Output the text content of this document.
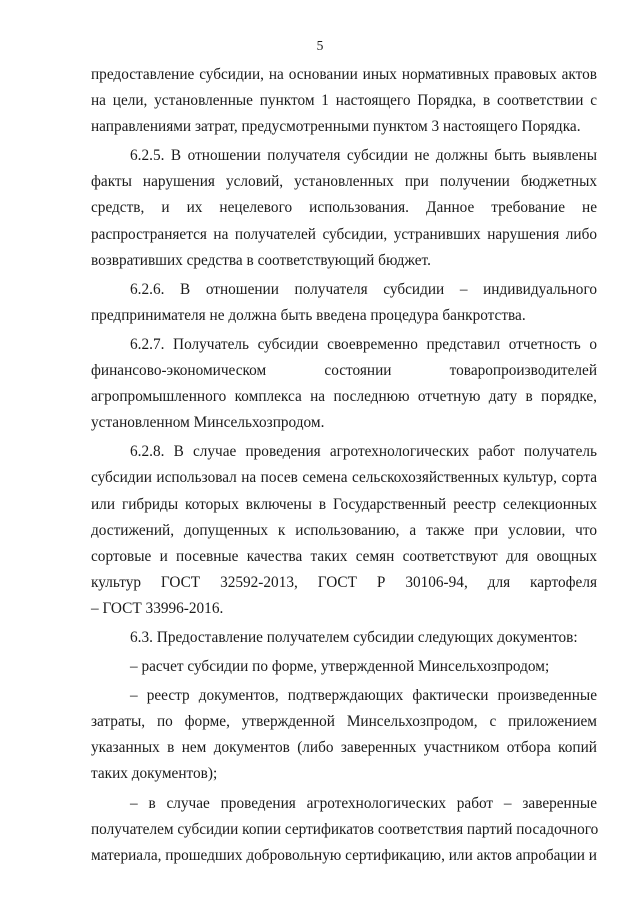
5
предоставление субсидии, на основании иных нормативных правовых актов
на цели, установленные пунктом 1 настоящего Порядка, в соответствии с
направлениями затрат, предусмотренными пунктом 3 настоящего Порядка.
6.2.5. В отношении получателя субсидии не должны быть выявлены
факты нарушения условий, установленных при получении бюджетных
средств, и их нецелевого использования. Данное требование не
распространяется на получателей субсидии, устранивших нарушения либо
возвративших средства в соответствующий бюджет.
6.2.6. В отношении получателя субсидии – индивидуального
предпринимателя не должна быть введена процедура банкротства.
6.2.7. Получатель субсидии своевременно представил отчетность о
финансово-экономическом состоянии товаропроизводителей
агропромышленного комплекса на последнюю отчетную дату в порядке,
установленном Минсельхозпродом.
6.2.8. В случае проведения агротехнологических работ получатель
субсидии использовал на посев семена сельскохозяйственных культур, сорта
или гибриды которых включены в Государственный реестр селекционных
достижений, допущенных к использованию, а также при условии, что
сортовые и посевные качества таких семян соответствуют для овощных
культур ГОСТ 32592-2013, ГОСТ Р 30106-94, для картофеля
– ГОСТ 33996-2016.
6.3. Предоставление получателем субсидии следующих документов:
– расчет субсидии по форме, утвержденной Минсельхозпродом;
– реестр документов, подтверждающих фактически произведенные
затраты, по форме, утвержденной Минсельхозпродом, с приложением
указанных в нем документов (либо заверенных участником отбора копий
таких документов);
– в случае проведения агротехнологических работ – заверенные
получателем субсидии копии сертификатов соответствия партий посадочного
материала, прошедших добровольную сертификацию, или актов апробации и
